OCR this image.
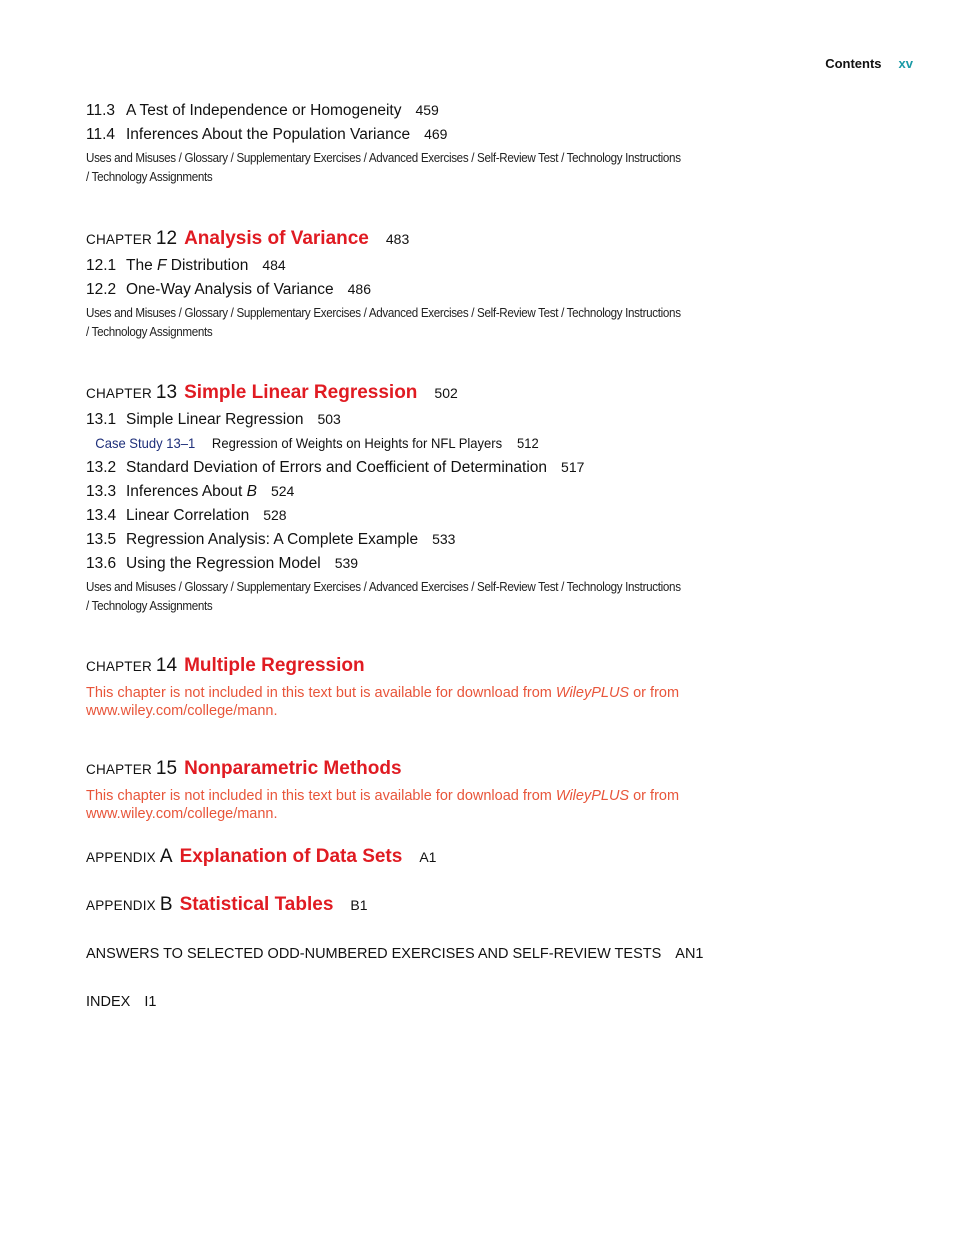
Contents xv
11.3 A Test of Independence or Homogeneity 459
11.4 Inferences About the Population Variance 469
Uses and Misuses / Glossary / Supplementary Exercises / Advanced Exercises / Self-Review Test / Technology Instructions / Technology Assignments
CHAPTER 12 Analysis of Variance 483
12.1 The F Distribution 484
12.2 One-Way Analysis of Variance 486
Uses and Misuses / Glossary / Supplementary Exercises / Advanced Exercises / Self-Review Test / Technology Instructions / Technology Assignments
CHAPTER 13 Simple Linear Regression 502
13.1 Simple Linear Regression 503
Case Study 13–1 Regression of Weights on Heights for NFL Players 512
13.2 Standard Deviation of Errors and Coefficient of Determination 517
13.3 Inferences About B 524
13.4 Linear Correlation 528
13.5 Regression Analysis: A Complete Example 533
13.6 Using the Regression Model 539
Uses and Misuses / Glossary / Supplementary Exercises / Advanced Exercises / Self-Review Test / Technology Instructions / Technology Assignments
CHAPTER 14 Multiple Regression
This chapter is not included in this text but is available for download from WileyPLUS or from www.wiley.com/college/mann.
CHAPTER 15 Nonparametric Methods
This chapter is not included in this text but is available for download from WileyPLUS or from www.wiley.com/college/mann.
APPENDIX A Explanation of Data Sets A1
APPENDIX B Statistical Tables B1
ANSWERS TO SELECTED ODD-NUMBERED EXERCISES AND SELF-REVIEW TESTS AN1
INDEX I1
